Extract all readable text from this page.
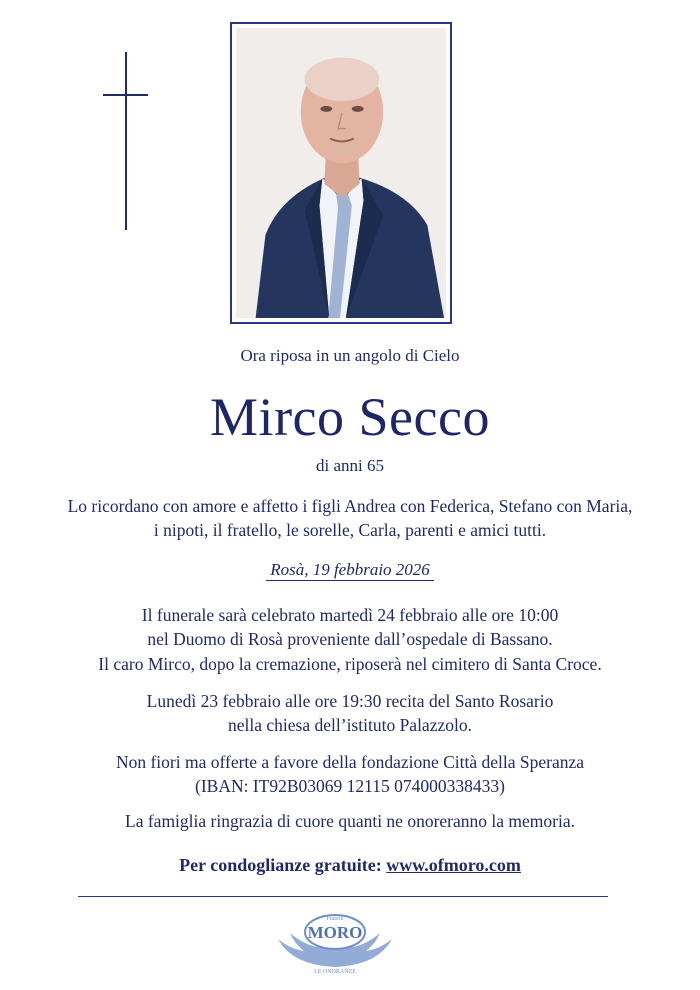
Ora riposa in un angolo di Cielo
Mirco Secco
di anni 65
Lo ricordano con amore e affetto i figli Andrea con Federica, Stefano con Maria,
i nipoti, il fratello, le sorelle, Carla, parenti e amici tutti.
Rosà, 19 febbraio 2026
Il funerale sarà celebrato martedì 24 febbraio alle ore 10:00
nel Duomo di Rosà proveniente dall’ospedale di Bassano.
Il caro Mirco, dopo la cremazione, riposerà nel cimitero di Santa Croce.
Lunedì 23 febbraio alle ore 19:30 recita del Santo Rosario
nella chiesa dell’istituto Palazzolo.
Non fiori ma offerte a favore della fondazione Città della Speranza
(IBAN: IT92B03069 12115 074000338433)
La famiglia ringrazia di cuore quanti ne onoreranno la memoria.
Per condoglianze gratuite: www.ofmoro.com
Fratelli
MORO
LE ONORANZE
